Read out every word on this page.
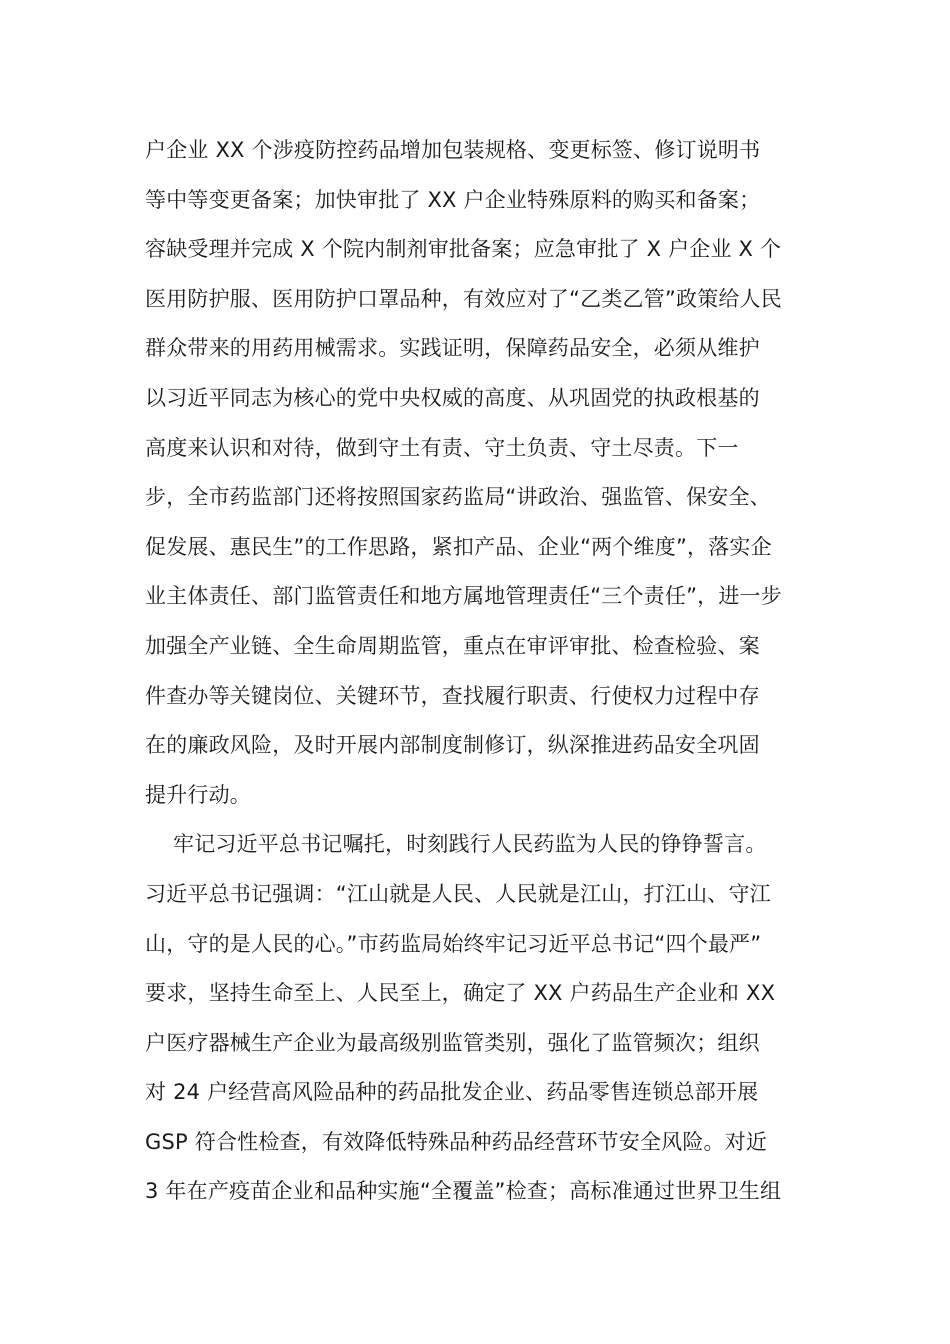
户企业 XX 个涉疫防控药品增加包装规格、变更标签、修订说明书
等中等变更备案；加快审批了 XX 户企业特殊原料的购买和备案；
容缺受理并完成 X 个院内制剂审批备案；应急审批了 X 户企业 X 个
医用防护服、医用防护口罩品种，有效应对了“乙类乙管”政策给人民
群众带来的用药用械需求。实践证明，保障药品安全，必须从维护
以习近平同志为核心的党中央权威的高度、从巩固党的执政根基的
高度来认识和对待，做到守土有责、守土负责、守土尽责。下一
步，全市药监部门还将按照国家药监局“讲政治、强监管、保安全、
促发展、惠民生”的工作思路，紧扣产品、企业“两个维度”，落实企
业主体责任、部门监管责任和地方属地管理责任“三个责任”，进一步
加强全产业链、全生命周期监管，重点在审评审批、检查检验、案
件查办等关键岗位、关键环节，查找履行职责、行使权力过程中存
在的廉政风险，及时开展内部制度制修订，纵深推进药品安全巩固
提升行动。
牢记习近平总书记嘱托，时刻践行人民药监为人民的铮铮誓言。
习近平总书记强调：“江山就是人民、人民就是江山，打江山、守江
山，守的是人民的心。”市药监局始终牢记习近平总书记“四个最严”
要求，坚持生命至上、人民至上，确定了 XX 户药品生产企业和 XX
户医疗器械生产企业为最高级别监管类别，强化了监管频次；组织
对 24 户经营高风险品种的药品批发企业、药品零售连锁总部开展
GSP 符合性检查，有效降低特殊品种药品经营环节安全风险。对近
3 年在产疫苗企业和品种实施“全覆盖”检查；高标准通过世界卫生组
